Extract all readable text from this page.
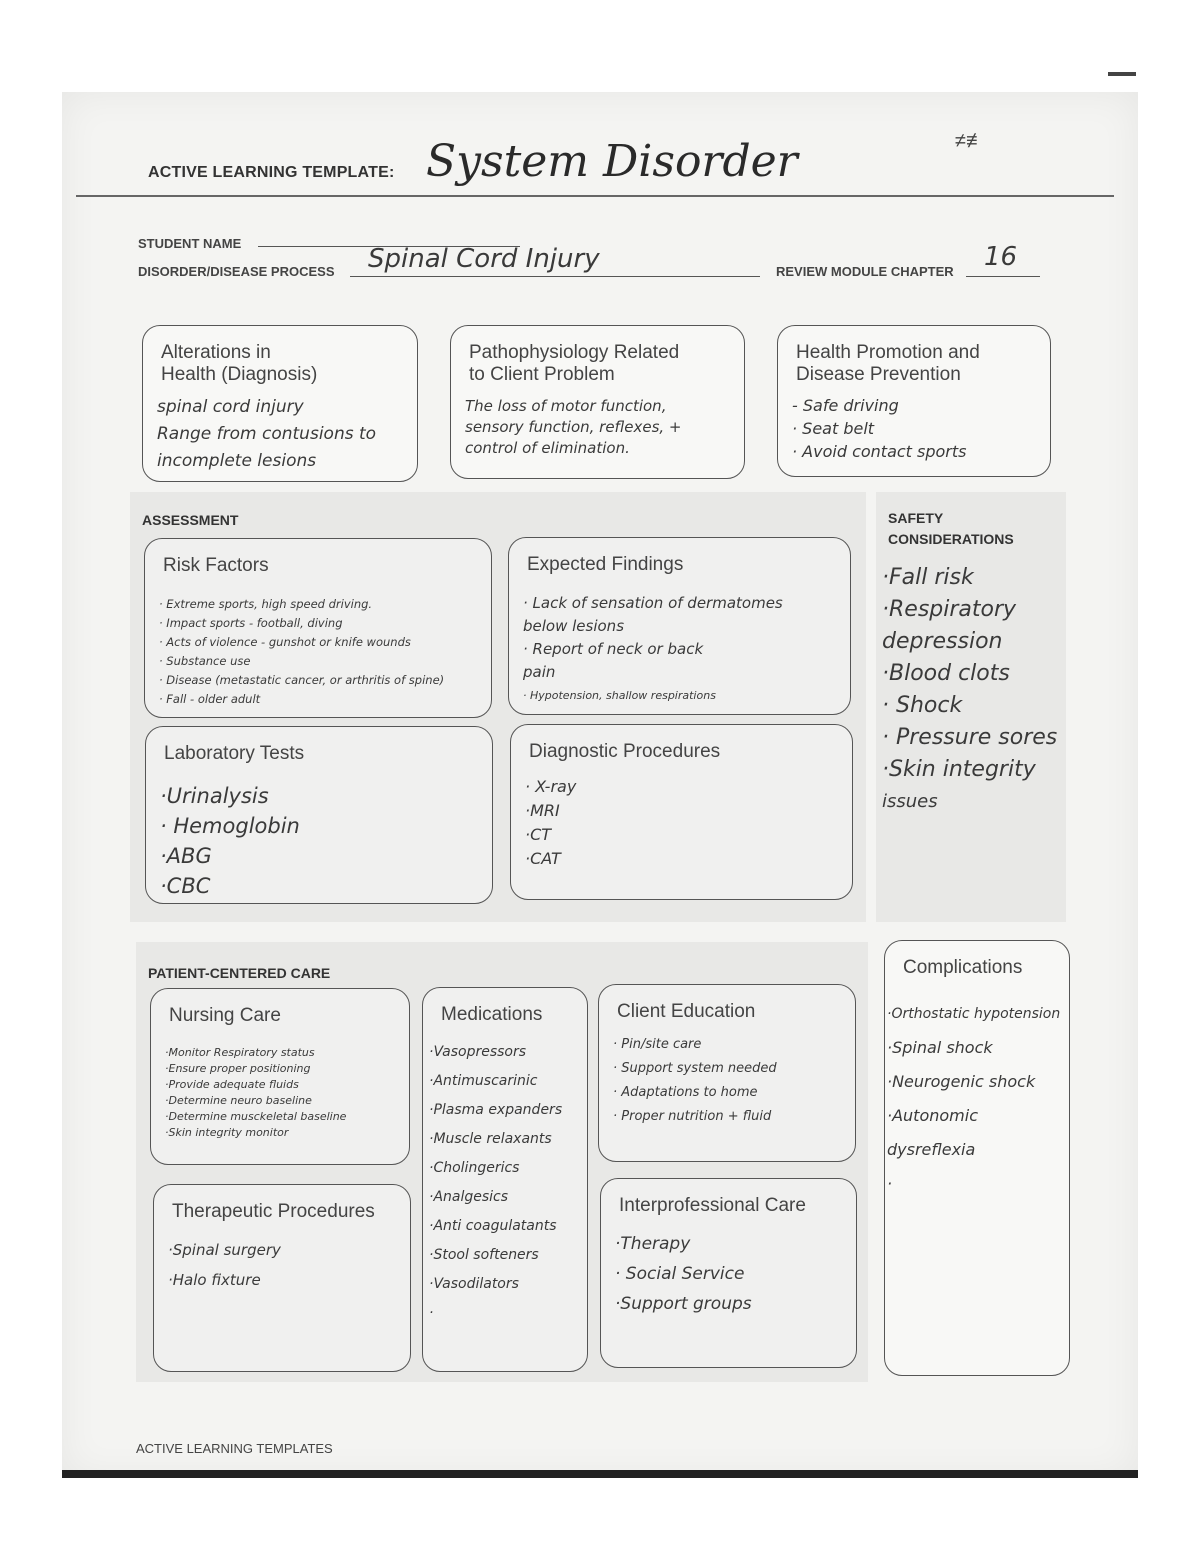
ACTIVE LEARNING TEMPLATE: System Disorder	≠≢
STUDENT NAME
DISORDER/DISEASE PROCESS Spinal Cord Injury	REVIEW MODULE CHAPTER 16
Alterations in
Health (Diagnosis)
spinal cord injury
Range from contusions to
incomplete lesions
Pathophysiology Related
to Client Problem
The loss of motor function,
sensory function, reflexes, +
control of elimination.
Health Promotion and
Disease Prevention
- Safe driving
· Seat belt
· Avoid contact sports
ASSESSMENT
Risk Factors
· Extreme sports, high speed driving.
· Impact sports - football, diving
· Acts of violence - gunshot or knife wounds
· Substance use
· Disease (metastatic cancer, or arthritis of spine)
· Fall - older adult
Expected Findings
· Lack of sensation of dermatomes
below lesions
· Report of neck or back
pain
· Hypotension, shallow respirations
Laboratory Tests
·Urinalysis
· Hemoglobin
·ABG
·CBC
Diagnostic Procedures
· X-ray
·MRI
·CT
·CAT
SAFETY
CONSIDERATIONS
·Fall risk
·Respiratory
depression
·Blood clots
· Shock
· Pressure sores
·Skin integrity
issues
PATIENT-CENTERED CARE
Nursing Care
·Monitor Respiratory status
·Ensure proper positioning
·Provide adequate fluids
·Determine neuro baseline
·Determine musckeletal baseline
·Skin integrity monitor
Medications
·Vasopressors
·Antimuscarinic
·Plasma expanders
·Muscle relaxants
·Cholingerics
·Analgesics
·Anti coagulatants
·Stool softeners
·Vasodilators
·
Client Education
· Pin/site care
· Support system needed
· Adaptations to home
· Proper nutrition + fluid
Therapeutic Procedures
·Spinal surgery
·Halo fixture
Interprofessional Care
·Therapy
· Social Service
·Support groups
Complications
·Orthostatic hypotension
·Spinal shock
·Neurogenic shock
·Autonomic
dysreflexia
·
ACTIVE LEARNING TEMPLATES
